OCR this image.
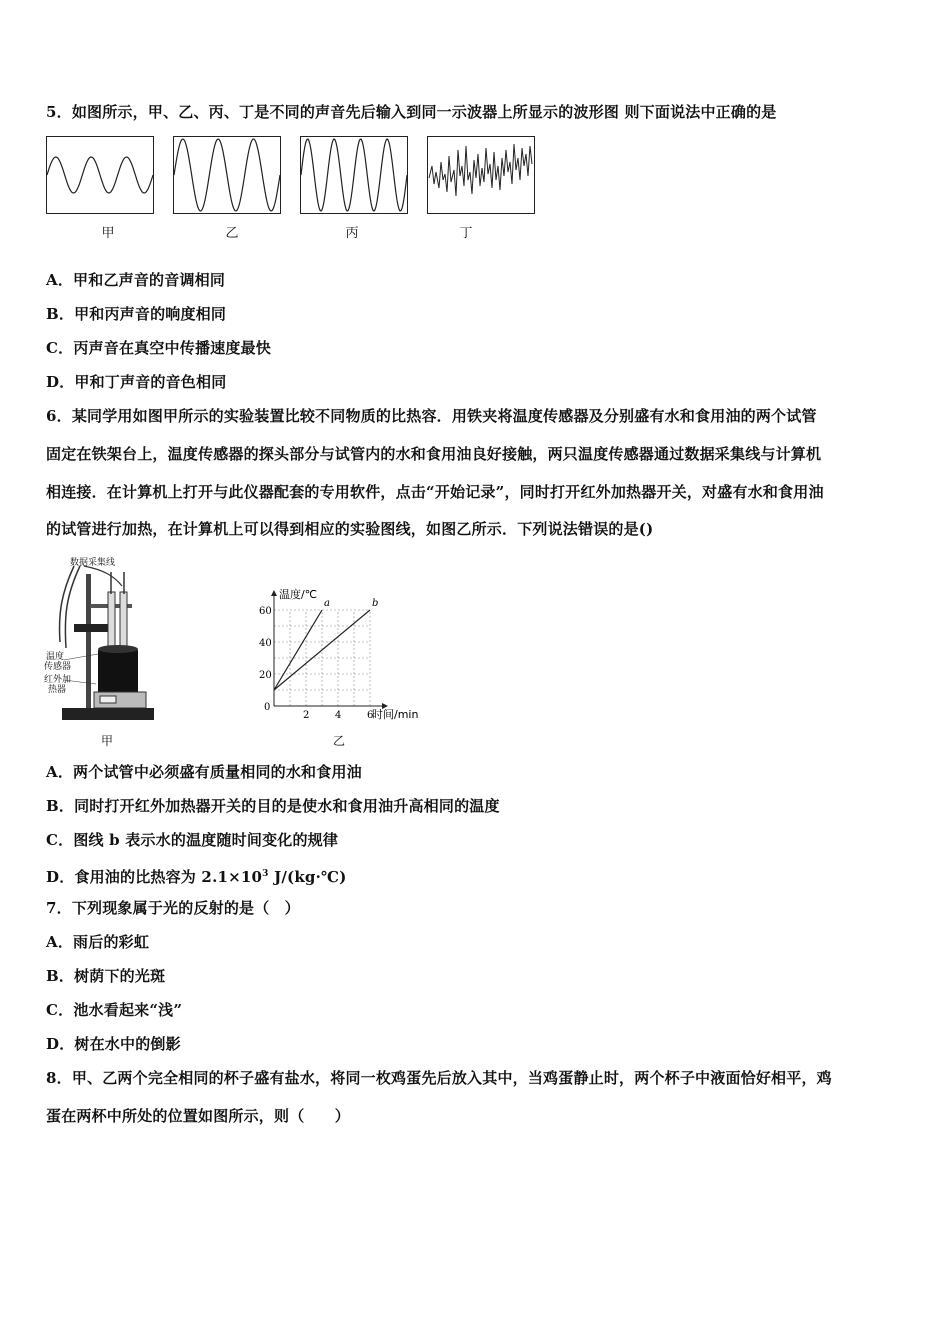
5．如图所示，甲、乙、丙、丁是不同的声音先后输入到同一示波器上所显示的波形图 则下面说法中正确的是
甲	乙	丙	丁
A．甲和乙声音的音调相同
B．甲和丙声音的响度相同
C．丙声音在真空中传播速度最快
D．甲和丁声音的音色相同
6．某同学用如图甲所示的实验装置比较不同物质的比热容．用铁夹将温度传感器及分别盛有水和食用油的两个试管
固定在铁架台上，温度传感器的探头部分与试管内的水和食用油良好接触，两只温度传感器通过数据采集线与计算机
相连接．在计算机上打开与此仪器配套的专用软件，点击“开始记录”，同时打开红外加热器开关，对盛有水和食用油
的试管进行加热，在计算机上可以得到相应的实验图线，如图乙所示．下列说法错误的是()
数据采集线
温度
传感器
红外加
热器
甲
2	4	6
20
40
60
a	b
温度/℃
时间/min
0
乙
A．两个试管中必须盛有质量相同的水和食用油
B．同时打开红外加热器开关的目的是使水和食用油升高相同的温度
C．图线 b 表示水的温度随时间变化的规律
D．食用油的比热容为 $2.1\times 10^3$ J/(kg·℃)
7．下列现象属于光的反射的是（　）
A．雨后的彩虹
B．树荫下的光斑
C．池水看起来“浅”
D．树在水中的倒影
8．甲、乙两个完全相同的杯子盛有盐水，将同一枚鸡蛋先后放入其中，当鸡蛋静止时，两个杯子中液面恰好相平，鸡
蛋在两杯中所处的位置如图所示，则（　　）
